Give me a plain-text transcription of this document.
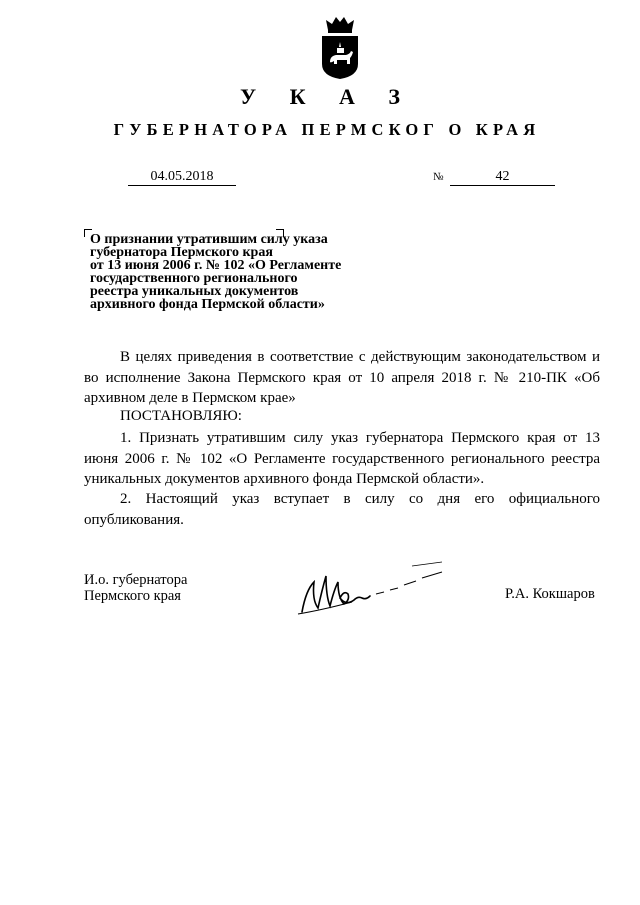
У К А З
ГУБЕРНАТОРА ПЕРМСКОГ О КРАЯ
04.05.2018	№	42
О признании утратившим силу указа
губернатора Пермского края
от 13 июня 2006 г. № 102 «О Регламенте
государственного регионального
реестра уникальных документов
архивного фонда Пермской области»
В целях приведения в соответствие с действующим законодательством и во исполнение Закона Пермского края от 10 апреля 2018 г. № 210-ПК «Об архивном деле в Пермском крае»
ПОСТАНОВЛЯЮ:
1. Признать утратившим силу указ губернатора Пермского края от 13 июня 2006 г. № 102 «О Регламенте государственного регионального реестра уникальных документов архивного фонда Пермской области».
2. Настоящий указ вступает в силу со дня его официального опубликования.
И.о. губернатора
Пермского края	Р.А. Кокшаров
